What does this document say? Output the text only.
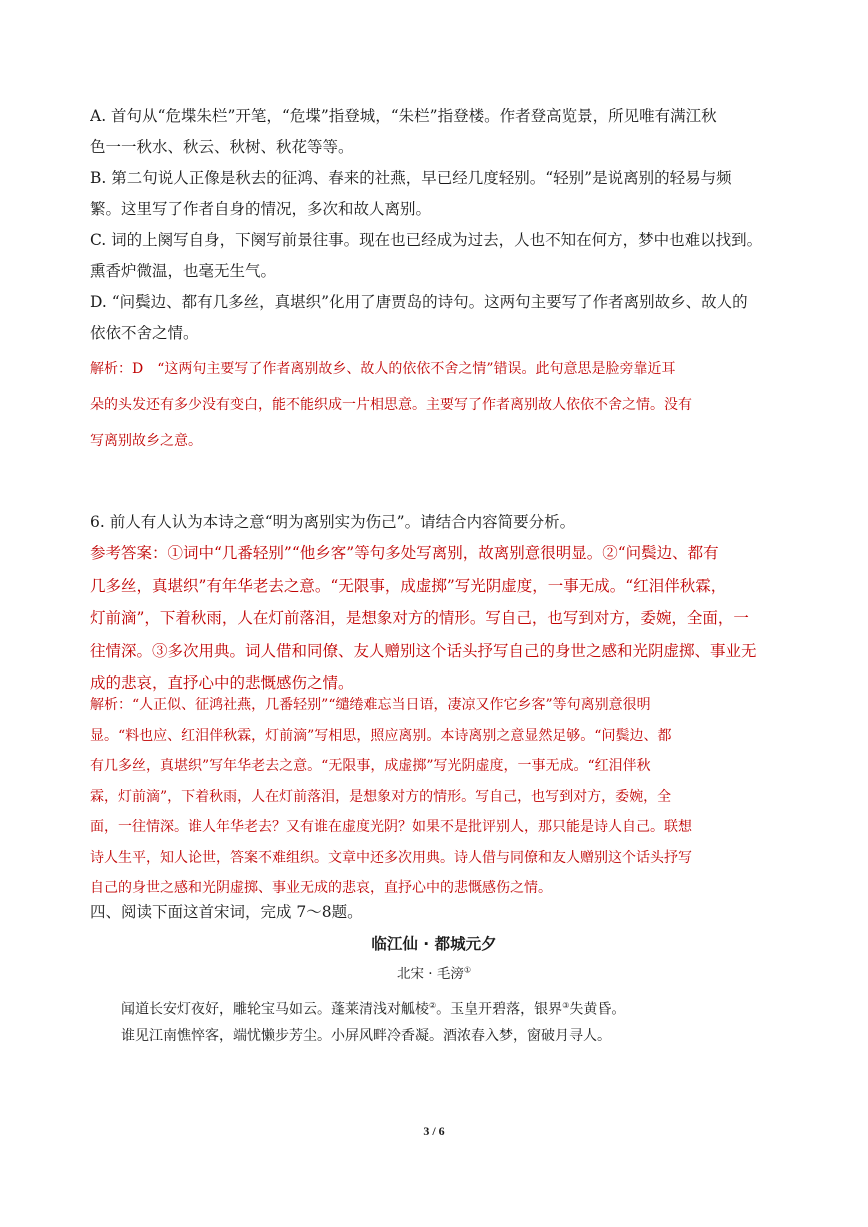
A. 首句从“危堞朱栏”开笔，“危堞”指登城，“朱栏”指登楼。作者登高览景，所见唯有满江秋
色一一秋水、秋云、秋树、秋花等等。
B. 第二句说人正像是秋去的征鸿、春来的社燕，早已经几度轻别。“轻别”是说离别的轻易与频
繁。这里写了作者自身的情况，多次和故人离别。
C. 词的上阕写自身，下阕写前景往事。现在也已经成为过去，人也不知在何方，梦中也难以找到。
熏香炉微温，也毫无生气。
D. “问鬓边、都有几多丝，真堪织”化用了唐贾岛的诗句。这两句主要写了作者离别故乡、故人的
依依不舍之情。
解析：D　“这两句主要写了作者离别故乡、故人的依依不舍之情”错误。此句意思是脸旁靠近耳
朵的头发还有多少没有变白，能不能织成一片相思意。主要写了作者离别故人依依不舍之情。没有
写离别故乡之意。
6. 前人有人认为本诗之意“明为离别实为伤己”。请结合内容简要分析。
参考答案：①词中“几番轻别”“他乡客”等句多处写离别，故离别意很明显。②“问鬓边、都有
几多丝，真堪织”有年华老去之意。“无限事，成虚掷”写光阴虚度，一事无成。“红泪伴秋霖，
灯前滴”，下着秋雨，人在灯前落泪，是想象对方的情形。写自己，也写到对方，委婉，全面，一
往情深。③多次用典。词人借和同僚、友人赠别这个话头抒写自己的身世之感和光阴虚掷、事业无
成的悲哀，直抒心中的悲慨感伤之情。
解析：“人正似、征鸿社燕，几番轻别”“缱绻难忘当日语，凄凉又作它乡客”等句离别意很明
显。“料也应、红泪伴秋霖，灯前滴”写相思，照应离别。本诗离别之意显然足够。“问鬓边、都
有几多丝，真堪织”写年华老去之意。“无限事，成虚掷”写光阴虚度，一事无成。“红泪伴秋
霖，灯前滴”，下着秋雨，人在灯前落泪，是想象对方的情形。写自己，也写到对方，委婉，全
面，一往情深。谁人年华老去？又有谁在虚度光阴？如果不是批评别人，那只能是诗人自己。联想
诗人生平，知人论世，答案不难组织。文章中还多次用典。诗人借与同僚和友人赠别这个话头抒写
自己的身世之感和光阴虚掷、事业无成的悲哀，直抒心中的悲慨感伤之情。
四、阅读下面这首宋词，完成 7～8题。
临江仙 · 都城元夕
北宋 · 毛滂①
闻道长安灯夜好，雕轮宝马如云。蓬莱清浅对觚棱②。玉皇开碧落，银界③失黄昏。
谁见江南憔悴客，端忧懒步芳尘。小屏风畔冷香凝。酒浓春入梦，窗破月寻人。
3 / 6
